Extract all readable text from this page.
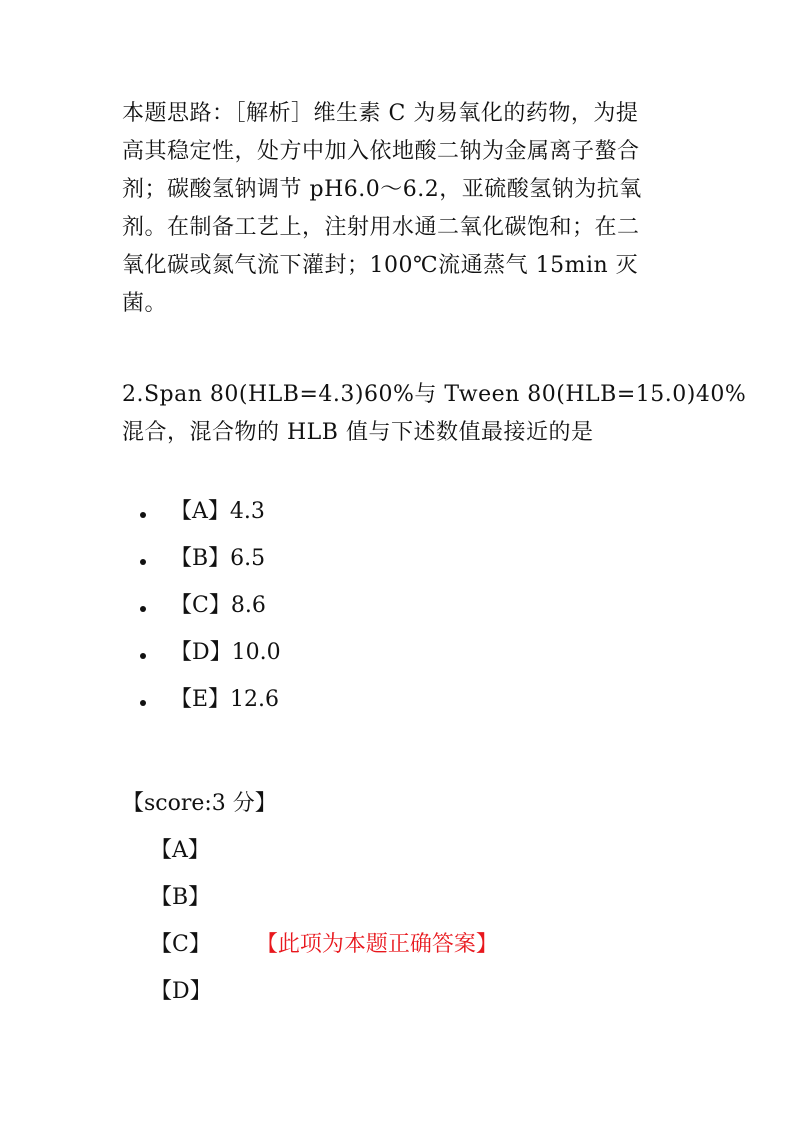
本题思路：［解析］维生素 C 为易氧化的药物，为提
高其稳定性，处方中加入依地酸二钠为金属离子螯合
剂；碳酸氢钠调节 pH6.0～6.2，亚硫酸氢钠为抗氧
剂。在制备工艺上，注射用水通二氧化碳饱和；在二
氧化碳或氮气流下灌封；100℃流通蒸气 15min 灭
菌。
2.Span 80(HLB=4.3)60%与 Tween 80(HLB=15.0)40%
混合，混合物的 HLB 值与下述数值最接近的是
【A】4.3
【B】6.5
【C】8.6
【D】10.0
【E】12.6
【score:3 分】
【A】
【B】
【C】 【此项为本题正确答案】
【D】
